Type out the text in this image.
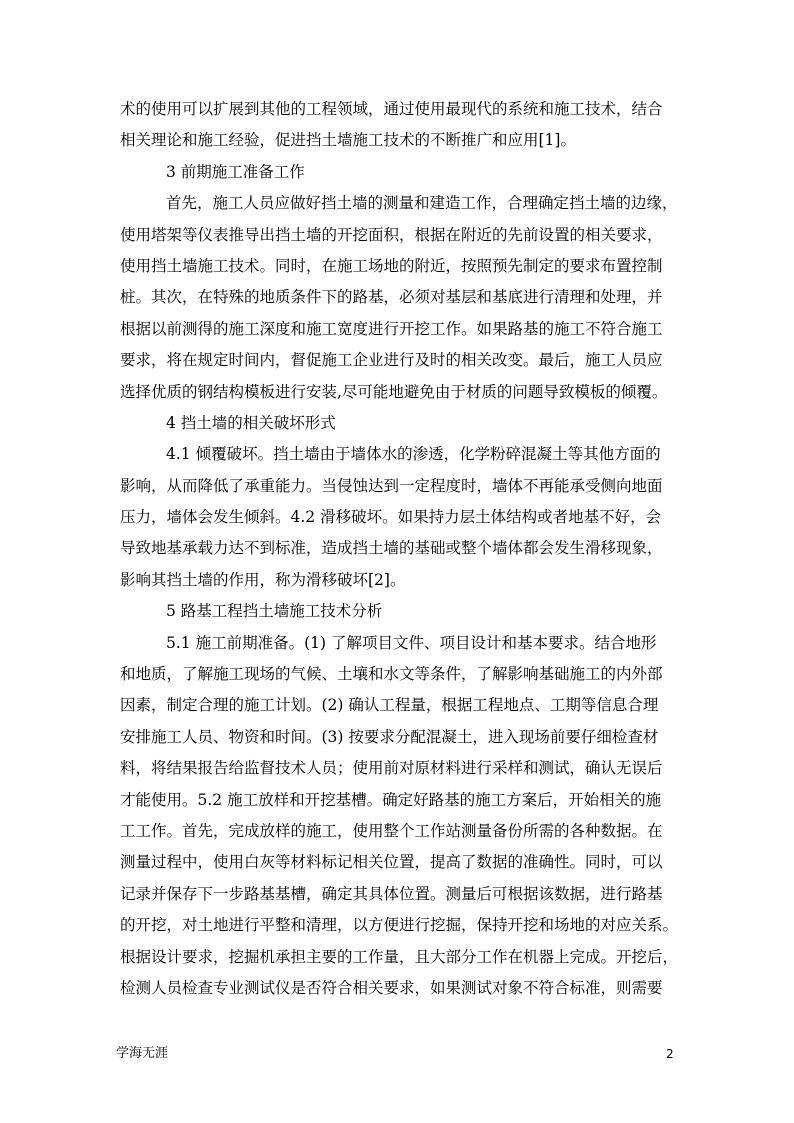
术的使用可以扩展到其他的工程领域，通过使用最现代的系统和施工技术，结合
相关理论和施工经验，促进挡土墙施工技术的不断推广和应用[1]。
3 前期施工准备工作
首先，施工人员应做好挡土墙的测量和建造工作，合理确定挡土墙的边缘，
使用塔架等仪表推导出挡土墙的开挖面积，根据在附近的先前设置的相关要求，
使用挡土墙施工技术。同时，在施工场地的附近，按照预先制定的要求布置控制
桩。其次，在特殊的地质条件下的路基，必须对基层和基底进行清理和处理，并
根据以前测得的施工深度和施工宽度进行开挖工作。如果路基的施工不符合施工
要求，将在规定时间内，督促施工企业进行及时的相关改变。最后，施工人员应
选择优质的钢结构模板进行安装,尽可能地避免由于材质的问题导致模板的倾覆。
4 挡土墙的相关破坏形式
4.1 倾覆破坏。挡土墙由于墙体水的渗透，化学粉碎混凝土等其他方面的
影响，从而降低了承重能力。当侵蚀达到一定程度时，墙体不再能承受侧向地面
压力，墙体会发生倾斜。4.2 滑移破坏。如果持力层土体结构或者地基不好，会
导致地基承载力达不到标准，造成挡土墙的基础或整个墙体都会发生滑移现象，
影响其挡土墙的作用，称为滑移破坏[2]。
5 路基工程挡土墙施工技术分析
5.1 施工前期准备。(1) 了解项目文件、项目设计和基本要求。结合地形
和地质，了解施工现场的气候、土壤和水文等条件，了解影响基础施工的内外部
因素，制定合理的施工计划。(2) 确认工程量，根据工程地点、工期等信息合理
安排施工人员、物资和时间。(3) 按要求分配混凝土，进入现场前要仔细检查材
料，将结果报告给监督技术人员；使用前对原材料进行采样和测试，确认无误后
才能使用。5.2 施工放样和开挖基槽。确定好路基的施工方案后，开始相关的施
工工作。首先，完成放样的施工，使用整个工作站测量备份所需的各种数据。在
测量过程中，使用白灰等材料标记相关位置，提高了数据的准确性。同时，可以
记录并保存下一步路基基槽，确定其具体位置。测量后可根据该数据，进行路基
的开挖，对土地进行平整和清理，以方便进行挖掘，保持开挖和场地的对应关系。
根据设计要求，挖掘机承担主要的工作量，且大部分工作在机器上完成。开挖后，
检测人员检查专业测试仪是否符合相关要求，如果测试对象不符合标准，则需要
学海无涯	2
